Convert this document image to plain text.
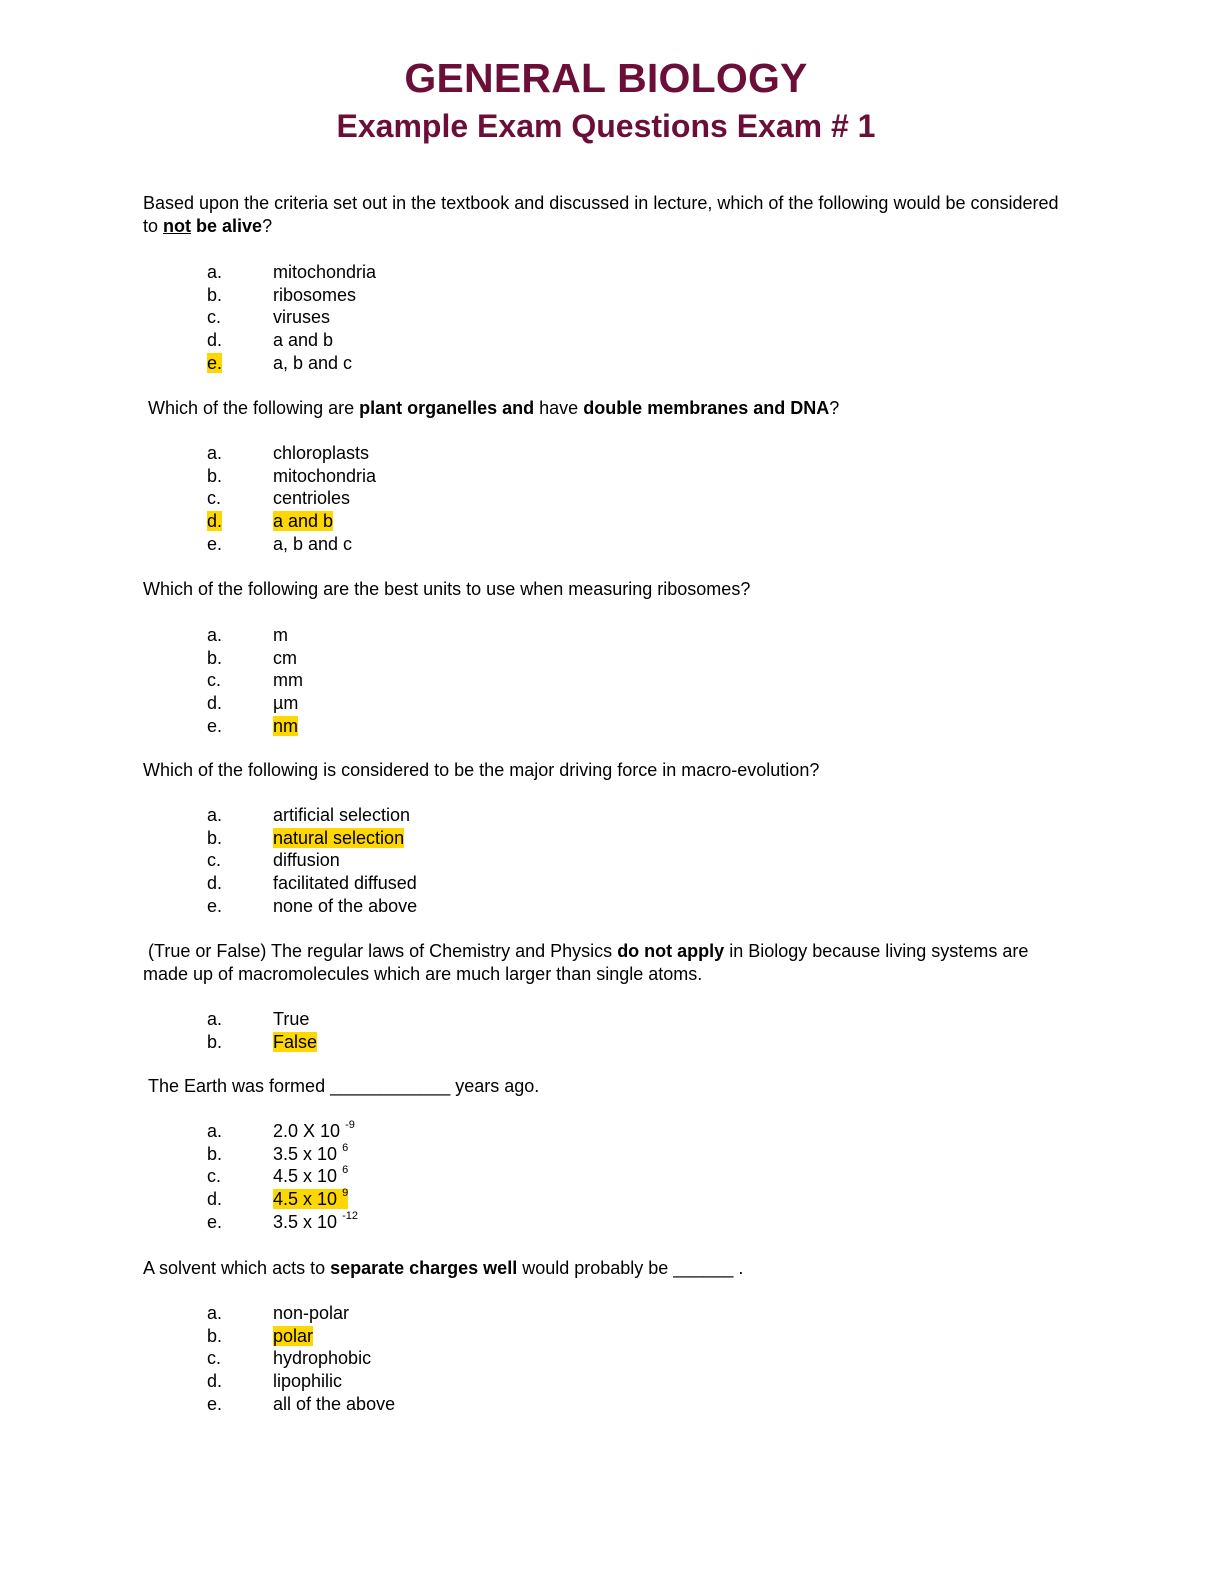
GENERAL BIOLOGY
Example Exam Questions Exam # 1

Based upon the criteria set out in the textbook and discussed in lecture, which of the following would be considered to not be alive?

a.	mitochondria
b.	ribosomes
c.	viruses
d.	a and b
e.	a, b and c

Which of the following are plant organelles and have double membranes and DNA?

a.	chloroplasts
b.	mitochondria
c.	centrioles
d.	a and b
e.	a, b and c

Which of the following are the best units to use when measuring ribosomes?

a.	m
b.	cm
c.	mm
d.	µm
e.	nm

Which of the following is considered to be the major driving force in macro-evolution?

a.	artificial selection
b.	natural selection
c.	diffusion
d.	facilitated diffused
e.	none of the above

(True or False) The regular laws of Chemistry and Physics do not apply in Biology because living systems are made up of macromolecules which are much larger than single atoms.

a.	True
b.	False

The Earth was formed ____________ years ago.

a.	2.0 X 10 $^{-9}$
b.	3.5 x 10 $^6$
c.	4.5 x 10 $^6$
d.	4.5 x 10 $^9$
e.	3.5 x 10 $^{-12}$

A solvent which acts to separate charges well would probably be ______ .

a.	non-polar
b.	polar
c.	hydrophobic
d.	lipophilic
e.	all of the above
